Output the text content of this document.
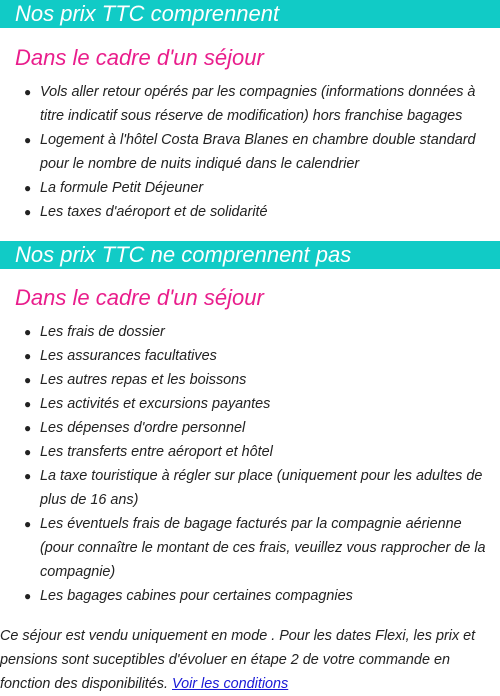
Nos prix TTC comprennent
Dans le cadre d'un séjour
● Vols aller retour opérés par les compagnies (informations données à titre indicatif sous réserve de modification) hors franchise bagages
● Logement à l'hôtel Costa Brava Blanes en chambre double standard pour le nombre de nuits indiqué dans le calendrier
● La formule Petit Déjeuner
● Les taxes d'aéroport et de solidarité
Nos prix TTC ne comprennent pas
Dans le cadre d'un séjour
● Les frais de dossier
● Les assurances facultatives
● Les autres repas et les boissons
● Les activités et excursions payantes
● Les dépenses d'ordre personnel
● Les transferts entre aéroport et hôtel
● La taxe touristique à régler sur place (uniquement pour les adultes de plus de 16 ans)
● Les éventuels frais de bagage facturés par la compagnie aérienne (pour connaître le montant de ces frais, veuillez vous rapprocher de la compagnie)
● Les bagages cabines pour certaines compagnies

Ce séjour est vendu uniquement en mode . Pour les dates Flexi, les prix et pensions sont suceptibles d'évoluer en étape 2 de votre commande en fonction des disponibilités. Voir les conditions
